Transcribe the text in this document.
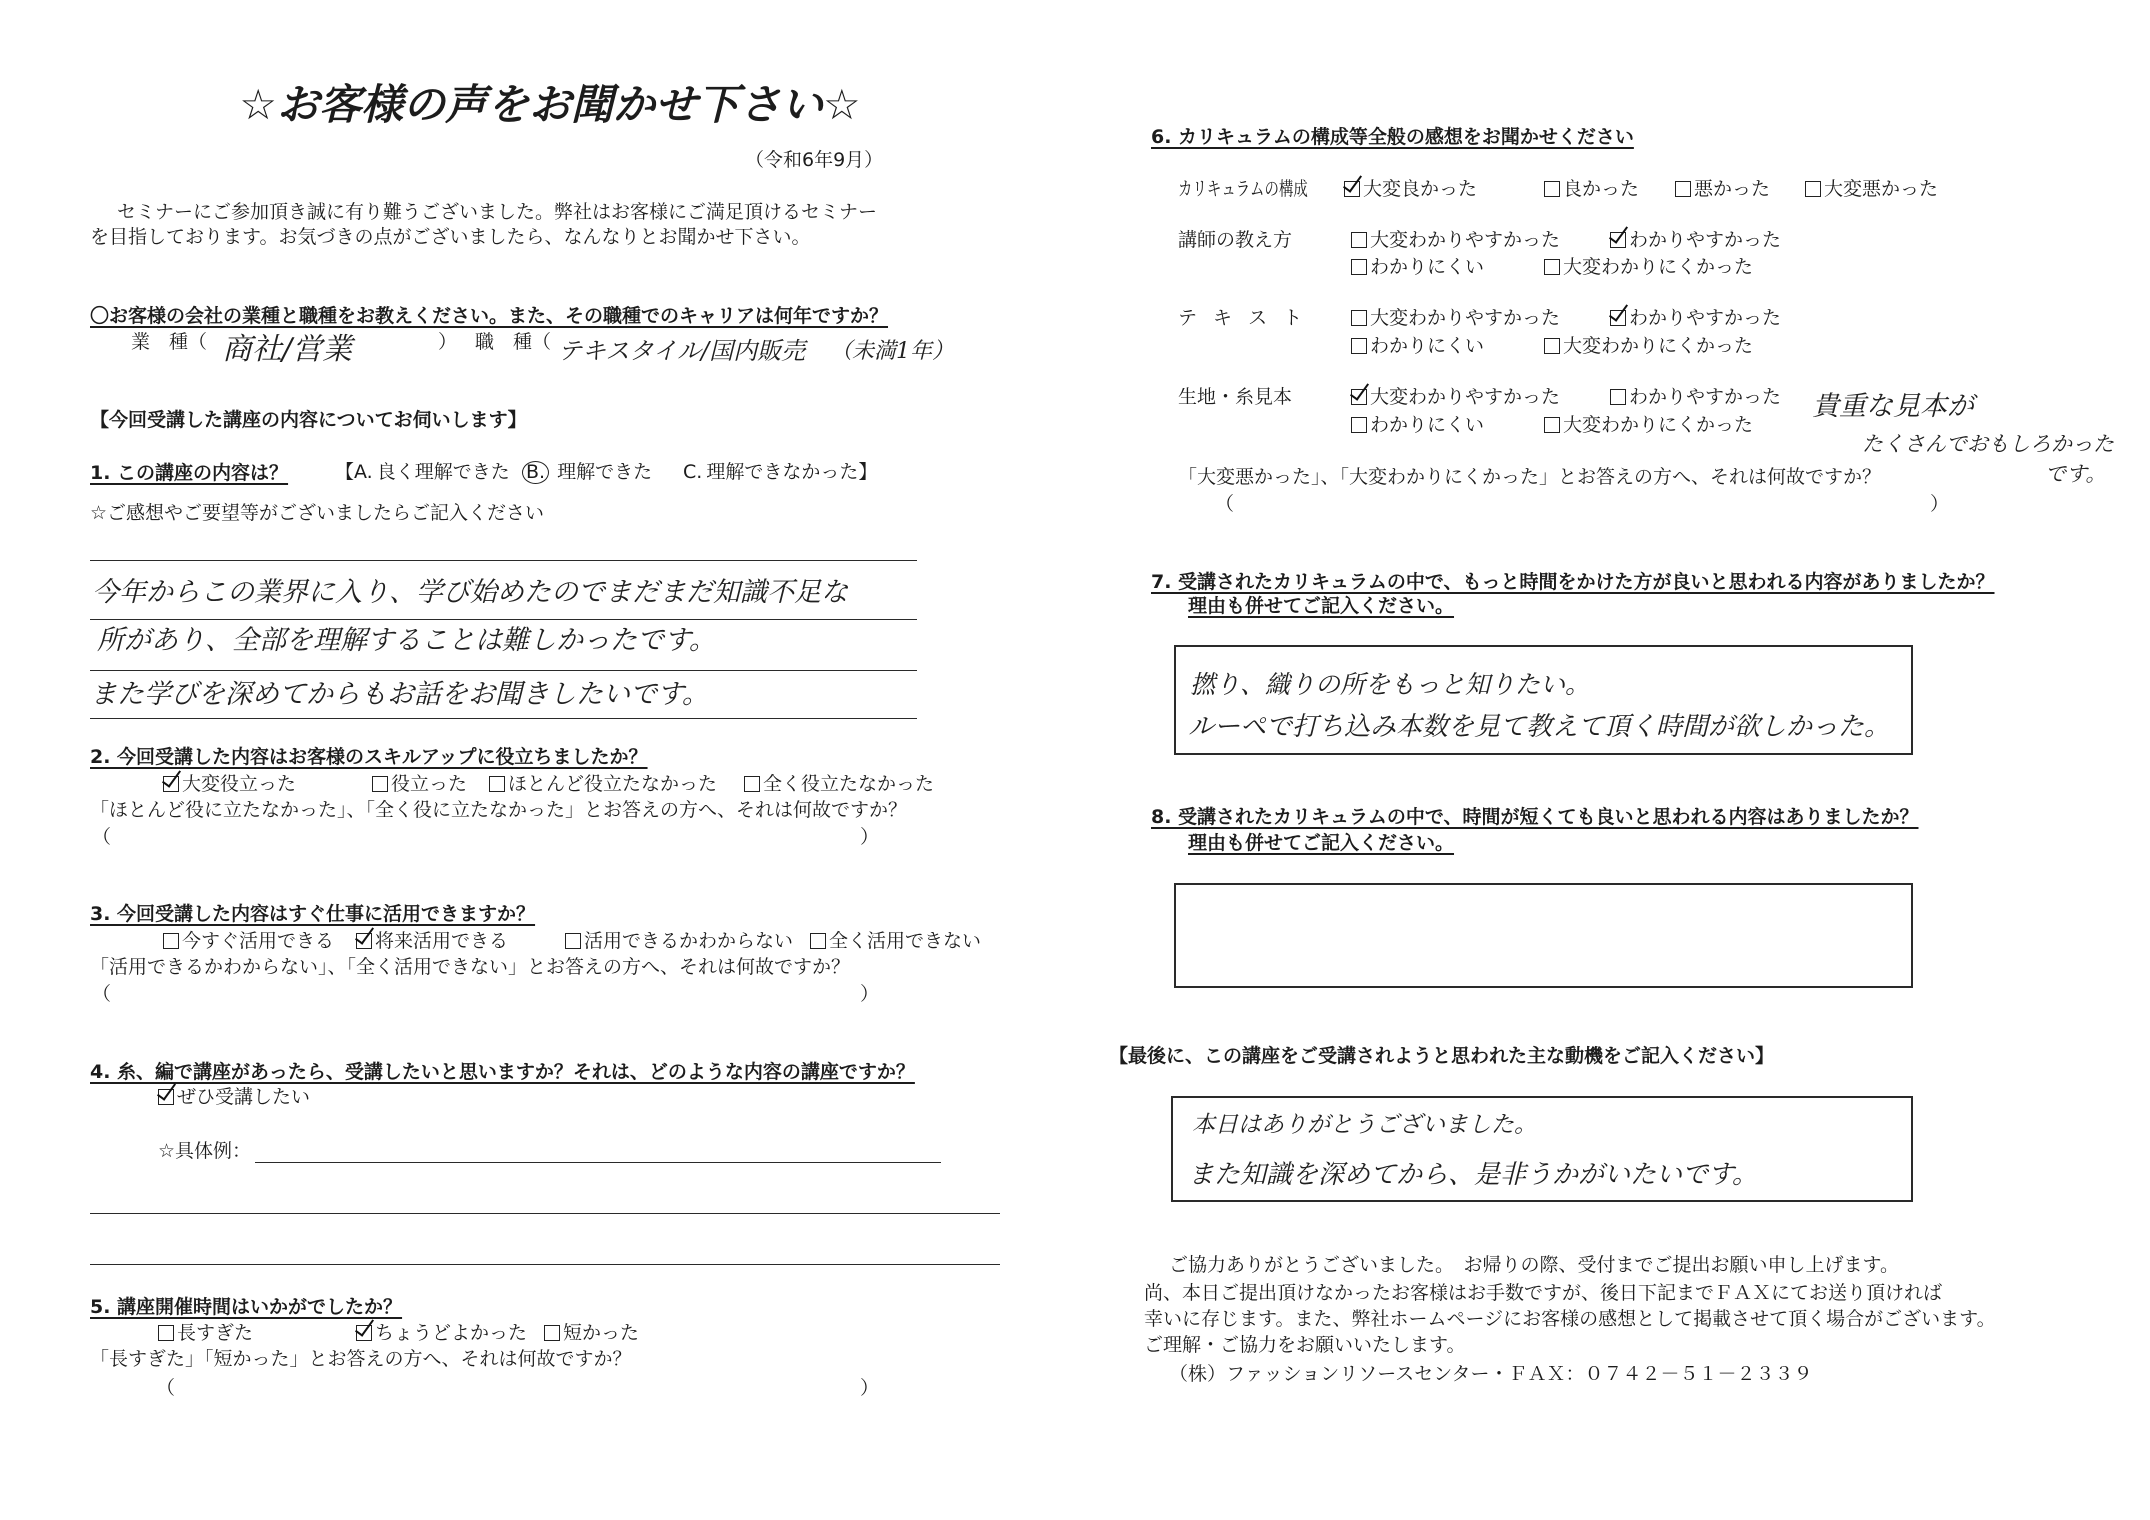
☆お客様の声をお聞かせ下さい☆
（令和6年9月）
セミナーにご参加頂き誠に有り難うございました。弊社はお客様にご満足頂けるセミナー
を目指しております。お気づきの点がございましたら、なんなりとお聞かせ下さい。
〇お客様の会社の業種と職種をお教えください。また、その職種でのキャリアは何年ですか？
業　種（ 商社/営業	） 職　種（ テキスタイル/国内販売 （未満1年）
【今回受講した講座の内容についてお伺いします】
1. この講座の内容は？ 【A. 良く理解できた B. 理解できた C. 理解できなかった】
☆ご感想やご要望等がございましたらご記入ください
今年からこの業界に入り、学び始めたのでまだまだ知識不足な
所があり、全部を理解することは難しかったです。
また学びを深めてからもお話をお聞きしたいです。
2. 今回受講した内容はお客様のスキルアップに役立ちましたか？
大変役立った	役立った	ほとんど役立たなかった	全く役立たなかった
「ほとんど役に立たなかった」、「全く役に立たなかった」とお答えの方へ、それは何故ですか？
（	）
3. 今回受講した内容はすぐ仕事に活用できますか？
今すぐ活用できる	将来活用できる	活用できるかわからない	全く活用できない
「活用できるかわからない」、「全く活用できない」とお答えの方へ、それは何故ですか？
（	）
4. 糸、編で講座があったら、受講したいと思いますか？それは、どのような内容の講座ですか？
ぜひ受講したい
☆具体例：
5. 講座開催時間はいかがでしたか？
長すぎた	ちょうどよかった	短かった
「長すぎた」「短かった」とお答えの方へ、それは何故ですか？
（	）
6. カリキュラムの構成等全般の感想をお聞かせください
カリキュラムの構成	大変良かった	良かった	悪かった	大変悪かった
講師の教え方	大変わかりやすかった	わかりやすかった
わかりにくい	大変わかりにくかった
テ キ ス ト	大変わかりやすかった	わかりやすかった
わかりにくい	大変わかりにくかった
生地・糸見本	大変わかりやすかった	わかりやすかった
わかりにくい	大変わかりにくかった
貴重な見本が
たくさんでおもしろかった
です。
「大変悪かった」、「大変わかりにくかった」とお答えの方へ、それは何故ですか？
（	）
7. 受講されたカリキュラムの中で、もっと時間をかけた方が良いと思われる内容がありましたか？
理由も併せてご記入ください。
撚り、織りの所をもっと知りたい。
ルーペで打ち込み本数を見て教えて頂く時間が欲しかった。
8. 受講されたカリキュラムの中で、時間が短くても良いと思われる内容はありましたか？
理由も併せてご記入ください。
【最後に、この講座をご受講されようと思われた主な動機をご記入ください】
本日はありがとうございました。
また知識を深めてから、是非うかがいたいです。
ご協力ありがとうございました。　お帰りの際、受付までご提出お願い申し上げます。
尚、本日ご提出頂けなかったお客様はお手数ですが、後日下記までＦＡＸにてお送り頂ければ
幸いに存じます。また、弊社ホームページにお客様の感想として掲載させて頂く場合がございます。
ご理解・ご協力をお願いいたします。
（株）ファッションリソースセンター・ＦＡＸ：０７４２－５１－２３３９
